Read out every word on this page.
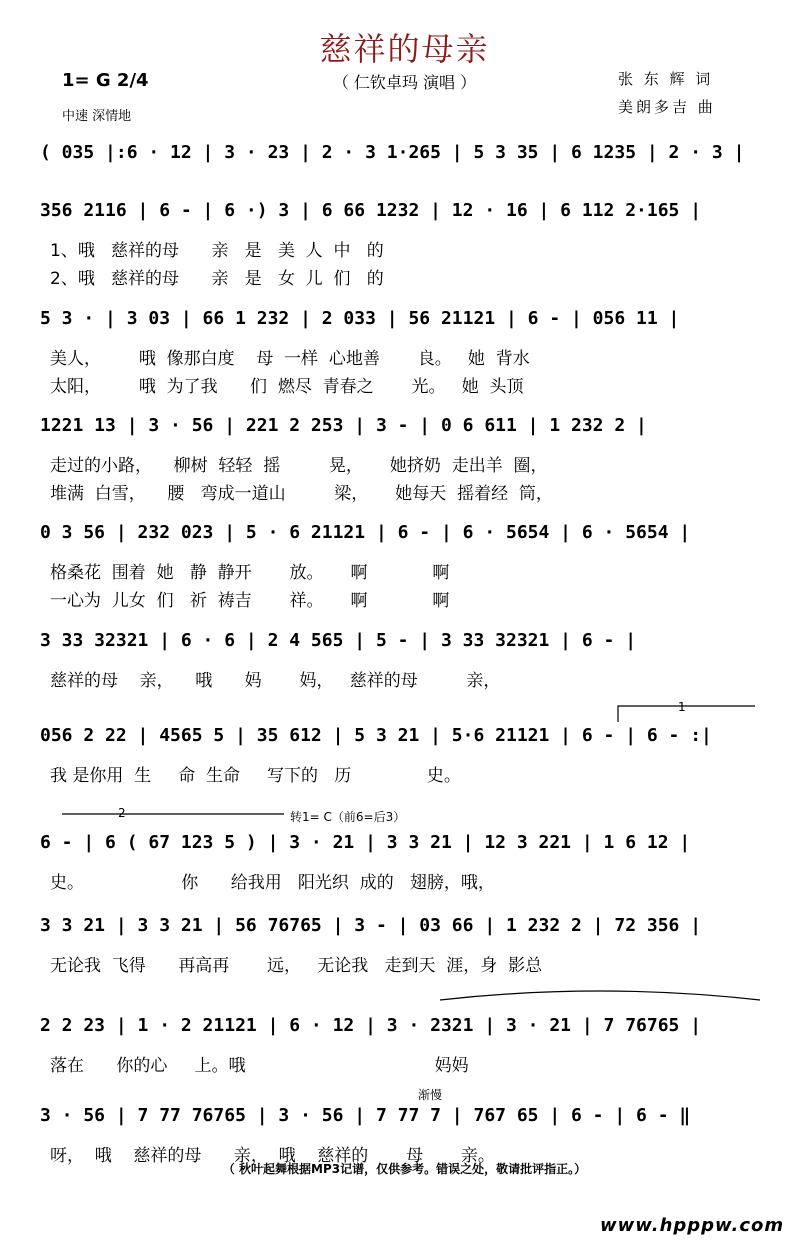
慈祥的母亲
（ 仁钦卓玛 演唱 ）
1= G 2/4
中速 深情地
张 东 辉 词
美朗多吉 曲
( 035 |:6 · 12 | 3 · 23 | 2 · 3 1·265 | 5 3 35 | 6 1235 | 2 · 3 |
356 2116 | 6 - | 6 ·) 3 | 6 66 1232 | 12 · 16 | 6 112 2·165 |
1、哦   慈祥的母      亲   是   美  人  中   的
2、哦   慈祥的母      亲   是   女  儿  们   的
5 3 · | 3 03 | 66 1 232 | 2 033 | 56 21121 | 6 - | 056 11 |
美人，       哦  像那白度    母  一样  心地善       良。   她  背水
太阳，       哦  为了我      们  燃尽  青春之       光。   她  头顶
1221 13 | 3 · 56 | 221 2 253 | 3 - | 0 6 611 | 1 232 2 |
走过的小路，    柳树  轻轻  摇         晃，     她挤奶  走出羊  圈，
堆满  白雪，    腰   弯成一道山         梁，     她每天  摇着经  筒，
0 3 56 | 232 023 | 5 · 6 21121 | 6 - | 6 · 5654 | 6 · 5654 |
格桑花  围着  她   静  静开       放。     啊            啊
一心为  儿女  们   祈  祷吉       祥。     啊            啊
3 33 32321 | 6 · 6 | 2 4 565 | 5 - | 3 33 32321 | 6 - |
慈祥的母    亲，    哦      妈       妈，   慈祥的母         亲，
056 2 22 | 4565 5 | 35 612 | 5 3 21 | 5·6 21121 | 6 - | 6 - :|
我 是你用  生     命  生命     写下的   历              史。
6 - | 6 ( 67 123 5 ) | 3 · 21 | 3 3 21 | 12 3 221 | 1 6 12 |
史。                  你      给我用   阳光织  成的   翅膀，哦，
3 3 21 | 3 3 21 | 56 76765 | 3 - | 03 66 | 1 232 2 | 72 356 |
无论我  飞得      再高再       远，   无论我   走到天  涯，身  影总
2 2 23 | 1 · 2 21121 | 6 · 12 | 3 · 2321 | 3 · 21 | 7 76765 |
落在      你的心     上。哦                                   妈妈
3 · 56 | 7 77 76765 | 3 · 56 | 7 77 7 | 767 65 | 6 - | 6 - ‖
呀，  哦    慈祥的母      亲，  哦    慈祥的       母       亲。
转1= C（前6=后3）
渐慢
1
2
（ 秋叶起舞根据MP3记谱，仅供参考。错误之处，敬请批评指正。）
www.hpppw.com
